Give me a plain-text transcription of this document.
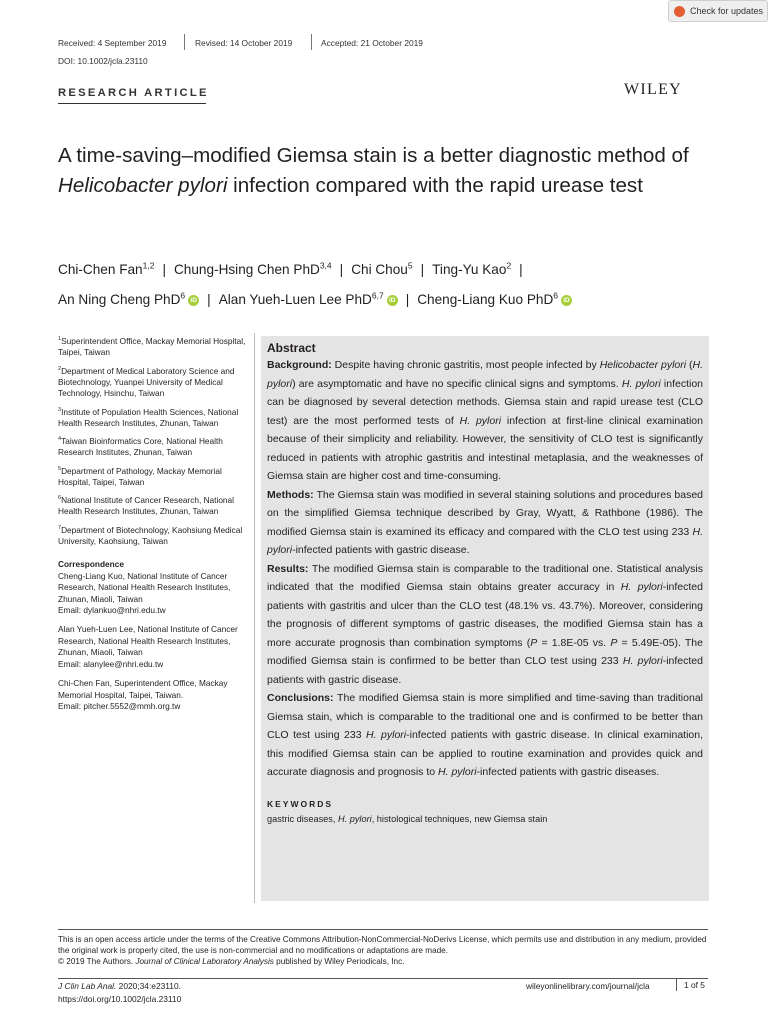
Check for updates
Received: 4 September 2019	Revised: 14 October 2019	Accepted: 21 October 2019
DOI: 10.1002/jcla.23110
RESEARCH ARTICLE	WILEY
A time-saving–modified Giemsa stain is a better diagnostic method of Helicobacter pylori infection compared with the rapid urease test
Chi-Chen Fan$^{1,2}$ | Chung-Hsing Chen PhD$^{3,4}$ | Chi Chou$^5$ | Ting-Yu Kao$^2$ |
An Ning Cheng PhD$^6$ iD | Alan Yueh-Luen Lee PhD$^{6,7}$ iD | Cheng-Liang Kuo PhD$^6$ iD

$^1$Superintendent Office, Mackay Memorial Hospital, Taipei, Taiwan

$^2$Department of Medical Laboratory Science and Biotechnology, Yuanpei University of Medical Technology, Hsinchu, Taiwan

$^3$Institute of Population Health Sciences, National Health Research Institutes, Zhunan, Taiwan

$^4$Taiwan Bioinformatics Core, National Health Research Institutes, Zhunan, Taiwan

$^5$Department of Pathology, Mackay Memorial Hospital, Taipei, Taiwan

$^6$National Institute of Cancer Research, National Health Research Institutes, Zhunan, Taiwan

$^7$Department of Biotechnology, Kaohsiung Medical University, Kaohsiung, Taiwan

Correspondence

Cheng-Liang Kuo, National Institute of Cancer Research, National Health Research Institutes, Zhunan, Miaoli, Taiwan
Email: dylankuo@nhri.edu.tw

Alan Yueh-Luen Lee, National Institute of Cancer Research, National Health Research Institutes, Zhunan, Miaoli, Taiwan
Email: alanylee@nhri.edu.tw

Chi-Chen Fan, Superintendent Office, Mackay Memorial Hospital, Taipei, Taiwan.
Email: pitcher.5552@mmh.org.tw

Abstract

Background: Despite having chronic gastritis, most people infected by Helicobacter pylori (H. pylori) are asymptomatic and have no specific clinical signs and symptoms. H. pylori infection can be diagnosed by several detection methods. Giemsa stain and rapid urease test (CLO test) are the most performed tests of H. pylori infection at first-line clinical examination because of their simplicity and reliability. However, the sensitivity of CLO test is significantly reduced in patients with atrophic gastritis and intestinal metaplasia, and the weaknesses of Giemsa stain are higher cost and time-consuming.

Methods: The Giemsa stain was modified in several staining solutions and procedures based on the simplified Giemsa technique described by Gray, Wyatt, & Rathbone (1986). The modified Giemsa stain is examined its efficacy and compared with the CLO test using 233 H. pylori-infected patients with gastric disease.

Results: The modified Giemsa stain is comparable to the traditional one. Statistical analysis indicated that the modified Giemsa stain obtains greater accuracy in H. pylori-infected patients with gastritis and ulcer than the CLO test (48.1% vs. 43.7%). Moreover, considering the prognosis of different symptoms of gastric diseases, the modified Giemsa stain has a more accurate prognosis than combination symptoms (P = 1.8E-05 vs. P = 5.49E-05). The modified Giemsa stain is confirmed to be better than CLO test using 233 H. pylori-infected patients with gastric disease.

Conclusions: The modified Giemsa stain is more simplified and time-saving than traditional Giemsa stain, which is comparable to the traditional one and is confirmed to be better than CLO test using 233 H. pylori-infected patients with gastric disease. In clinical examination, this modified Giemsa stain can be applied to routine examination and provides quick and accurate diagnosis and prognosis to H. pylori-infected patients with gastric diseases.

KEYWORDS

gastric diseases, H. pylori, histological techniques, new Giemsa stain

This is an open access article under the terms of the Creative Commons Attribution-NonCommercial-NoDerivs License, which permits use and distribution in any medium, provided the original work is properly cited, the use is non-commercial and no modifications or adaptations are made.
© 2019 The Authors. Journal of Clinical Laboratory Analysis published by Wiley Periodicals, Inc.
J Clin Lab Anal. 2020;34:e23110.
https://doi.org/10.1002/jcla.23110
wileyonlinelibrary.com/journal/jcla	1 of 5
